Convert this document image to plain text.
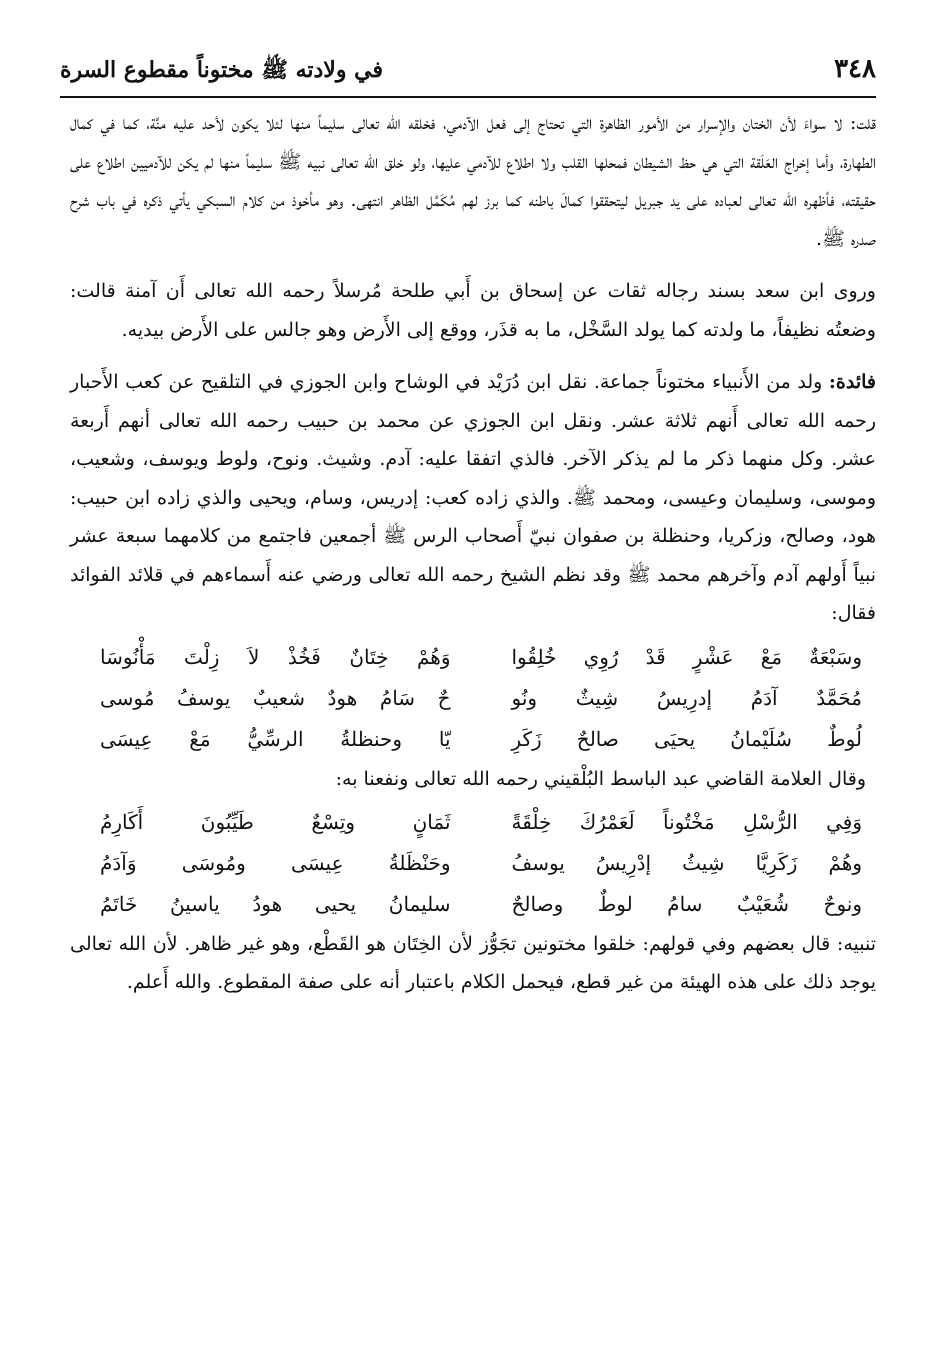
٣٤٨
في ولادته ﷺ مختوناً مقطوع السرة

قلت: لا سواءَ لأن الختان والإسرار من الأمور الظاهرة التي تحتاج إلى فعل الآدمي، فخلقه الله تعالى سليماً منها لئلا يكون لأحد عليه منَّة، كما في كمال الطهارة، وأما إخراج العَلَقة التي هي حظ الشيطان فمحلها القلب ولا اطلاع للآدمي عليها، ولو خلق الله تعالى نبيه ﷺ سليماً منها لم يكن للآدميين اطلاع على حقيقته، فأظهره الله تعالى لعباده على يد جبريل ليتحققوا كمالَ باطنه كما برز لهم مُكَمَّل الظاهر انتهى. وهو مأخوذ من كلام السبكي يأتي ذكره في باب شرح صدره ﷺ.

وروى ابن سعد بسند رجاله ثقات عن إسحاق بن أَبي طلحة مُرسلاً رحمه الله تعالى أَن آمنة قالت: وضعتُه نظيفاً، ما ولدته كما يولد السَّخْل، ما به قذَر، ووقع إلى الأَرض وهو جالس على الأَرض بيديه.

فائدة: ولد من الأَنبياء مختوناً جماعة. نقل ابن دُرَيْد في الوشاح وابن الجوزي في التلقيح عن كعب الأَحبار رحمه الله تعالى أَنهم ثلاثة عشر. ونقل ابن الجوزي عن محمد بن حبيب رحمه الله تعالى أنهم أَربعة عشر. وكل منهما ذكر ما لم يذكر الآخر. فالذي اتفقا عليه: آدم. وشيث. ونوح، ولوط ويوسف، وشعيب، وموسى، وسليمان وعيسى، ومحمد ﷺ. والذي زاده كعب: إدريس، وسام، ويحيى والذي زاده ابن حبيب: هود، وصالح، وزكريا، وحنظلة بن صفوان نبيّ أَصحاب الرس ﷺ أجمعين فاجتمع من كلامهما سبعة عشر نبياً أَولهم آدم وآخرهم محمد ﷺ وقد نظم الشيخ رحمه الله تعالى ورضي عنه أَسماءهم في قلائد الفوائد فقال:

وسَبْعَةٌ مَعْ عَشْرٍ قَدْ رُوِي خُلِقُوا
وَهُمْ خِتَانٌ فَخُذْ لاَ زِلْتَ مَأْنُوسَا
مُحَمَّدٌ آدَمُ إدرِيسُ شِيثٌ ونُو
حٌ سَامُ هودٌ شعيبٌ يوسفُ مُوسى
لُوطٌ سُلَيْمانُ يحيَى صالحٌ زَكَرِ
يّا وحنظلةُ الرسِّيُّ مَعْ عِيسَى
وقال العلامة القاضي عبد الباسط البُلْقيني رحمه الله تعالى ونفعنا به:
وَفِي الرُّسْلِ مَخْتُوناً لَعَمْرُكَ خِلْقَةً
ثَمَانٍ وتِسْعٌ طَيِّبُونَ أَكَارِمُ
وهُمْ زَكَرِيَّا شِيثُ إدْرِيسُ يوسفُ
وحَنْظَلةُ عِيسَى ومُوسَى وَآدَمُ
ونوحٌ شُعَيْبٌ سامُ لوطٌ وصالحٌ
سليمانُ يحيى هودُ ياسينُ خَاتَمُ

تنبيه: قال بعضهم وفي قولهم: خلقوا مختونين تجَوُّز لأن الخِتَان هو القَطْع، وهو غير ظاهر. لأن الله تعالى يوجد ذلك على هذه الهيئة من غير قطع، فيحمل الكلام باعتبار أنه على صفة المقطوع. والله أَعلم.
